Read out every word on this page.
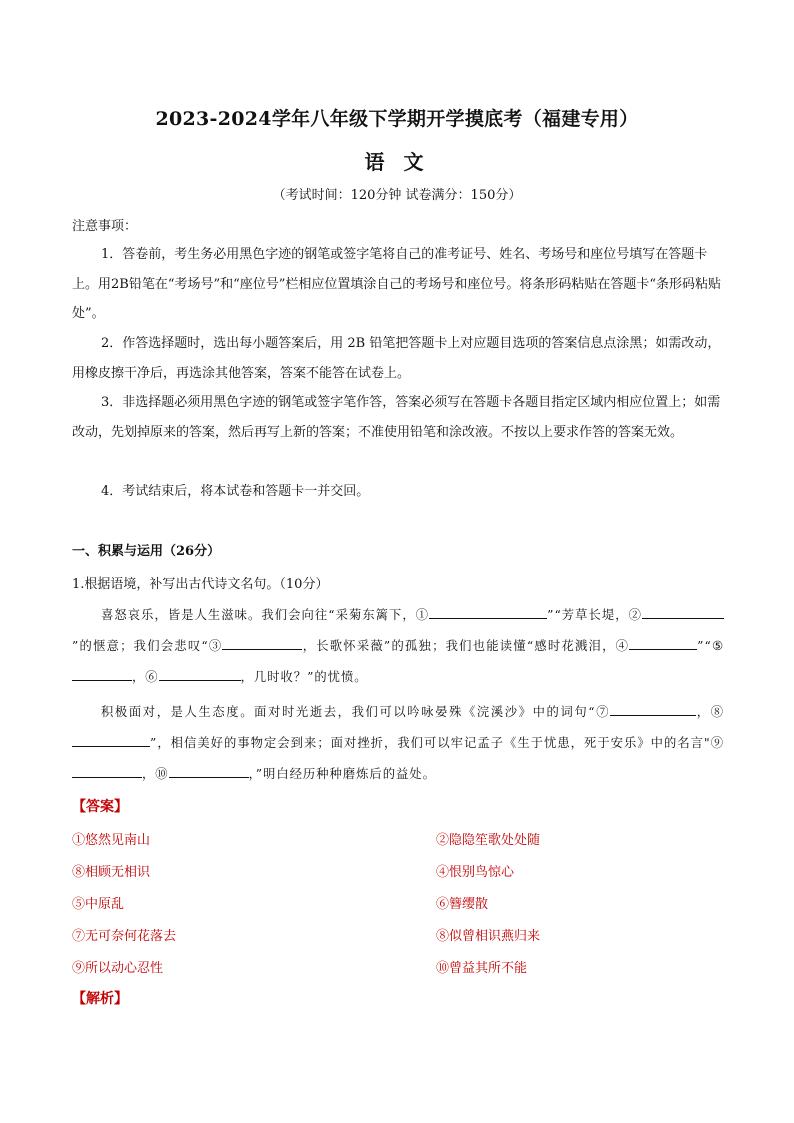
2023-2024学年八年级下学期开学摸底考（福建专用）
语 文
（考试时间：120分钟 试卷满分：150分）
注意事项：
1．答卷前，考生务必用黑色字迹的钢笔或签字笔将自己的准考证号、姓名、考场号和座位号填写在答题卡上。用2B铅笔在“考场号”和“座位号”栏相应位置填涂自己的考场号和座位号。将条形码粘贴在答题卡“条形码粘贴处”。
2．作答选择题时，选出每小题答案后，用 2B 铅笔把答题卡上对应题目选项的答案信息点涂黑；如需改动，用橡皮擦干净后，再选涂其他答案，答案不能答在试卷上。
3．非选择题必须用黑色字迹的钢笔或签字笔作答，答案必须写在答题卡各题目指定区域内相应位置上；如需改动，先划掉原来的答案，然后再写上新的答案；不准使用铅笔和涂改液。不按以上要求作答的答案无效。
4．考试结束后，将本试卷和答题卡一并交回。
一、积累与运用（26分）
1.根据语境，补写出古代诗文名句。（10分）
喜怒哀乐，皆是人生滋味。我们会向往“采菊东篱下，①	”“芳草长堤，②”的惬意；我们会悲叹“③	，长歌怀采薇”的孤独；我们也能读懂“感时花溅泪，④	”“⑤，⑥	，几时收？”的忧愤。
积极面对，是人生态度。面对时光逝去，我们可以吟咏晏殊《浣溪沙》中的词句“⑦	，⑧”，相信美好的事物定会到来；面对挫折，我们可以牢记孟子《生于忧患，死于安乐》中的名言"⑨，⑩	，”明白经历种种磨炼后的益处。
【答案】
①悠然见南山	②隐隐笙歌处处随
⑧相顾无相识	④恨别鸟惊心
⑤中原乱	⑥簪缨散
⑦无可奈何花落去	⑧似曾相识燕归来
⑨所以动心忍性	⑩曾益其所不能
【解析】
